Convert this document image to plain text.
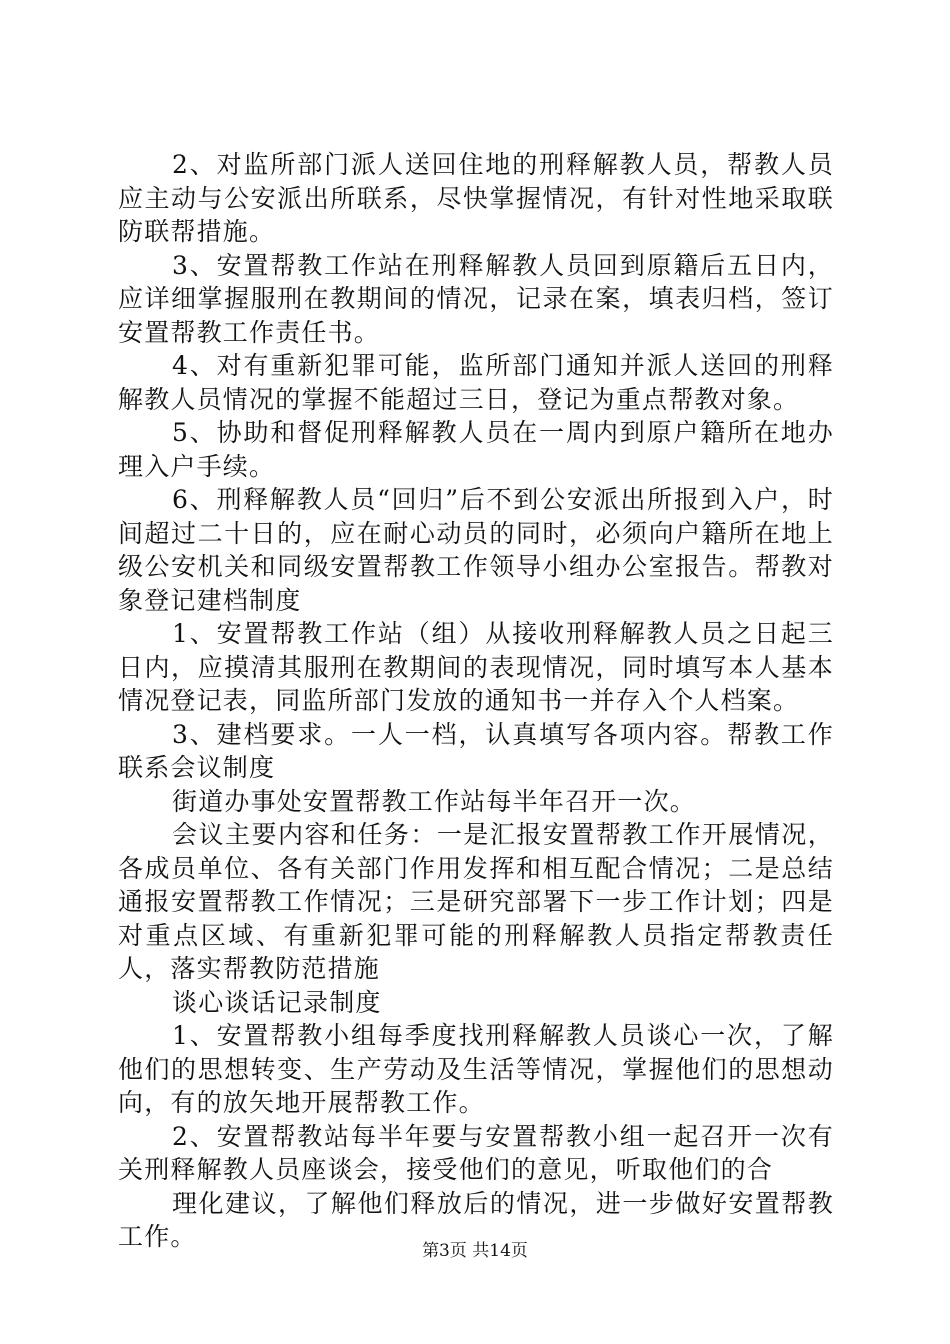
2、对监所部门派人送回住地的刑释解教人员，帮教人员应主动与公安派出所联系，尽快掌握情况，有针对性地采取联防联帮措施。

3、安置帮教工作站在刑释解教人员回到原籍后五日内，应详细掌握服刑在教期间的情况，记录在案，填表归档，签订安置帮教工作责任书。

4、对有重新犯罪可能，监所部门通知并派人送回的刑释解教人员情况的掌握不能超过三日，登记为重点帮教对象。

5、协助和督促刑释解教人员在一周内到原户籍所在地办理入户手续。

6、刑释解教人员“回归”后不到公安派出所报到入户，时间超过二十日的，应在耐心动员的同时，必须向户籍所在地上级公安机关和同级安置帮教工作领导小组办公室报告。帮教对象登记建档制度

1、安置帮教工作站（组）从接收刑释解教人员之日起三日内，应摸清其服刑在教期间的表现情况，同时填写本人基本情况登记表，同监所部门发放的通知书一并存入个人档案。

3、建档要求。一人一档，认真填写各项内容。帮教工作联系会议制度

街道办事处安置帮教工作站每半年召开一次。

会议主要内容和任务：一是汇报安置帮教工作开展情况，各成员单位、各有关部门作用发挥和相互配合情况；二是总结通报安置帮教工作情况；三是研究部署下一步工作计划；四是对重点区域、有重新犯罪可能的刑释解教人员指定帮教责任人，落实帮教防范措施

谈心谈话记录制度

1、安置帮教小组每季度找刑释解教人员谈心一次，了解他们的思想转变、生产劳动及生活等情况，掌握他们的思想动向，有的放矢地开展帮教工作。

2、安置帮教站每半年要与安置帮教小组一起召开一次有关刑释解教人员座谈会，接受他们的意见，听取他们的合

理化建议，了解他们释放后的情况，进一步做好安置帮教工作。	第3页 共14页
